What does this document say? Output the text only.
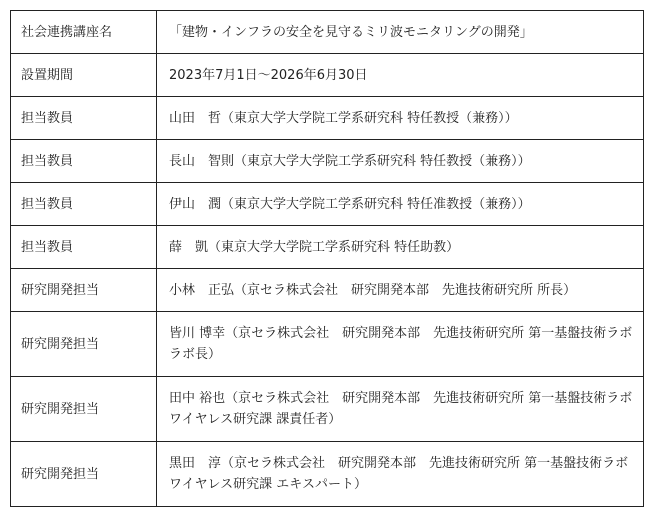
社会連携講座名	「建物・インフラの安全を見守るミリ波モニタリングの開発」
設置期間	2023年7月1日～2026年6月30日
担当教員	山田　哲（東京大学大学院工学系研究科 特任教授（兼務））
担当教員	長山　智則（東京大学大学院工学系研究科 特任教授（兼務））
担当教員	伊山　潤（東京大学大学院工学系研究科 特任准教授（兼務））
担当教員	薛　凱（東京大学大学院工学系研究科 特任助教）
研究開発担当	小林　正弘（京セラ株式会社　研究開発本部　先進技術研究所 所長）
研究開発担当	皆川 博幸（京セラ株式会社　研究開発本部　先進技術研究所 第一基盤技術ラボ ラボ長）
研究開発担当	田中 裕也（京セラ株式会社　研究開発本部　先進技術研究所 第一基盤技術ラボ ワイヤレス研究課 課責任者）
研究開発担当	黒田　淳（京セラ株式会社　研究開発本部　先進技術研究所 第一基盤技術ラボ ワイヤレス研究課 エキスパート）
